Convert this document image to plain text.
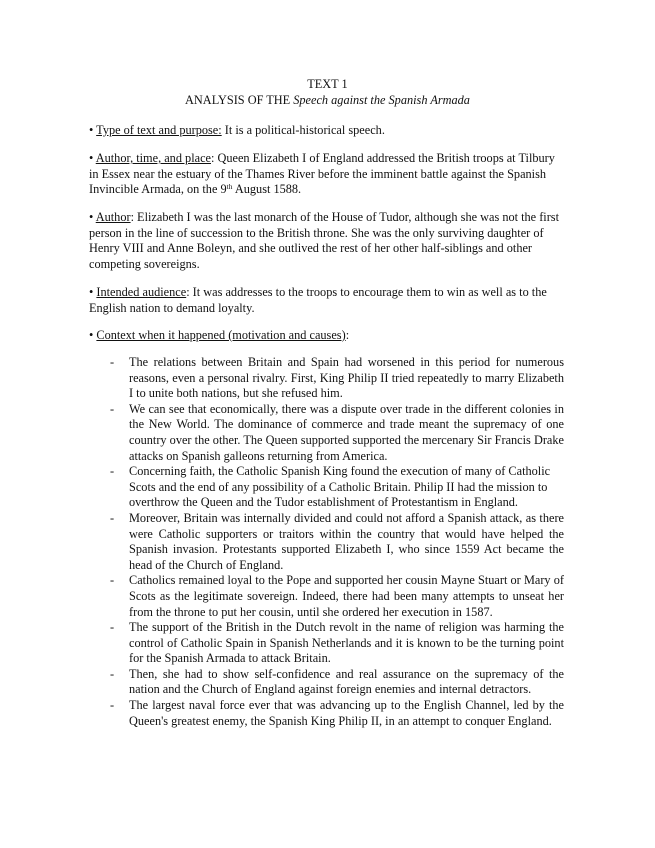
TEXT 1
ANALYSIS OF THE Speech against the Spanish Armada
• Type of text and purpose: It is a political-historical speech.
• Author, time, and place: Queen Elizabeth I of England addressed the British troops at Tilbury in Essex near the estuary of the Thames River before the imminent battle against the Spanish Invincible Armada, on the 9th August 1588.
• Author: Elizabeth I was the last monarch of the House of Tudor, although she was not the first person in the line of succession to the British throne. She was the only surviving daughter of Henry VIII and Anne Boleyn, and she outlived the rest of her other half-siblings and other competing sovereigns.
• Intended audience: It was addresses to the troops to encourage them to win as well as to the English nation to demand loyalty.
• Context when it happened (motivation and causes):
- The relations between Britain and Spain had worsened in this period for numerous reasons, even a personal rivalry. First, King Philip II tried repeatedly to marry Elizabeth I to unite both nations, but she refused him.
- We can see that economically, there was a dispute over trade in the different colonies in the New World. The dominance of commerce and trade meant the supremacy of one country over the other. The Queen supported supported the mercenary Sir Francis Drake attacks on Spanish galleons returning from America.
- Concerning faith, the Catholic Spanish King found the execution of many of Catholic Scots and the end of any possibility of a Catholic Britain. Philip II had the mission to overthrow the Queen and the Tudor establishment of Protestantism in England.
- Moreover, Britain was internally divided and could not afford a Spanish attack, as there were Catholic supporters or traitors within the country that would have helped the Spanish invasion. Protestants supported Elizabeth I, who since 1559 Act became the head of the Church of England.
- Catholics remained loyal to the Pope and supported her cousin Mayne Stuart or Mary of Scots as the legitimate sovereign. Indeed, there had been many attempts to unseat her from the throne to put her cousin, until she ordered her execution in 1587.
- The support of the British in the Dutch revolt in the name of religion was harming the control of Catholic Spain in Spanish Netherlands and it is known to be the turning point for the Spanish Armada to attack Britain.
- Then, she had to show self-confidence and real assurance on the supremacy of the nation and the Church of England against foreign enemies and internal detractors.
- The largest naval force ever that was advancing up to the English Channel, led by the Queen's greatest enemy, the Spanish King Philip II, in an attempt to conquer England.
